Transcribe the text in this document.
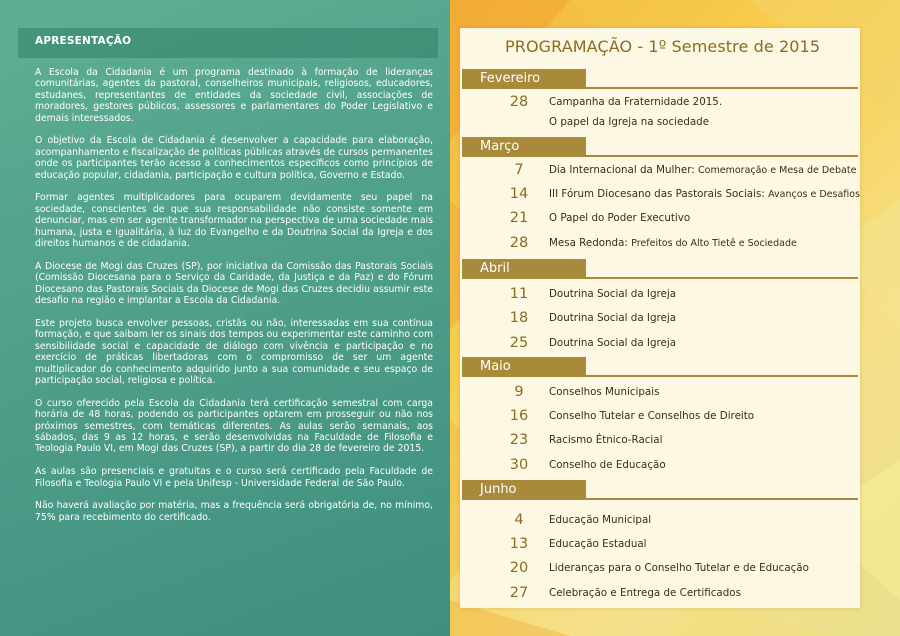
APRESENTAÇÃO

A Escola da Cidadania é um programa destinado à formação de lideranças comunitárias, agentes da pastoral, conselheiros municipais, religiosos, educadores, estudanes, representantes de entidades da sociedade civil, associações de moradores, gestores públicos, assessores e parlamentares do Poder Legislativo e demais interessados.

O objetivo da Escola de Cidadania é desenvolver a capacidade para elaboração, acompanhamento e fiscalização de políticas públicas através de cursos permanentes onde os participantes terão acesso a conhecimentos específicos como princípios de educação popular, cidadania, participação e cultura política, Governo e Estado.

Formar agentes multiplicadores para ocuparem devidamente seu papel na sociedade, conscientes de que sua responsabilidade não consiste somente em denunciar, mas em ser agente transformador na perspectiva de uma sociedade mais humana, justa e igualitária, à luz do Evangelho e da Doutrina Social da Igreja e dos direitos humanos e de cidadania.

A Diocese de Mogi das Cruzes (SP), por iniciativa da Comissão das Pastorais Sociais (Comissão Diocesana para o Serviço da Caridade, da Justiça e da Paz) e do Fórum Diocesano das Pastorais Sociais da Diocese de Mogi das Cruzes decidiu assumir este desafio na região e implantar a Escola da Cidadania.

Este projeto busca envolver pessoas, cristãs ou não, interessadas em sua contínua formação, e que saibam ler os sinais dos tempos ou experimentar este caminho com sensibilidade social e capacidade de diálogo com vivência e participação e no exercício de práticas libertadoras com o compromisso de ser um agente multiplicador do conhecimento adquirido junto a sua comunidade e seu espaço de participação social, religiosa e política.

O curso oferecido pela Escola da Cidadania terá certificação semestral com carga horária de 48 horas, podendo os participantes optarem em prosseguir ou não nos próximos semestres, com temáticas diferentes. As aulas serão semanais, aos sábados, das 9 as 12 horas, e serão desenvolvidas na Faculdade de Filosofia e Teologia Paulo VI, em Mogi das Cruzes (SP), a partir do dia 28 de fevereiro de 2015.

As aulas são presenciais e gratuitas e o curso será certificado pela Faculdade de Filosofia e Teologia Paulo VI e pela Unifesp - Universidade Federal de São Paulo.

Não haverá avaliação por matéria, mas a frequência será obrigatória de, no mínimo, 75% para recebimento do certificado.

PROGRAMAÇÃO - 1º Semestre de 2015
Fevereiro
28	Campanha da Fraternidade 2015.
O papel da Igreja na sociedade
Março
7	Dia Internacional da Mulher: Comemoração e Mesa de Debate
14	III Fórum Diocesano das Pastorais Sociais: Avanços e Desafios
21	O Papel do Poder Executivo
28	Mesa Redonda: Prefeitos do Alto Tietê e Sociedade
Abril
11	Doutrina Social da Igreja
18	Doutrina Social da Igreja
25	Doutrina Social da Igreja
Maio
9	Conselhos Municipais
16	Conselho Tutelar e Conselhos de Direito
23	Racismo Étnico-Racial
30	Conselho de Educação
Junho
4	Educação Municipal
13	Educação Estadual
20	Lideranças para o Conselho Tutelar e de Educação
27	Celebração e Entrega de Certificados
